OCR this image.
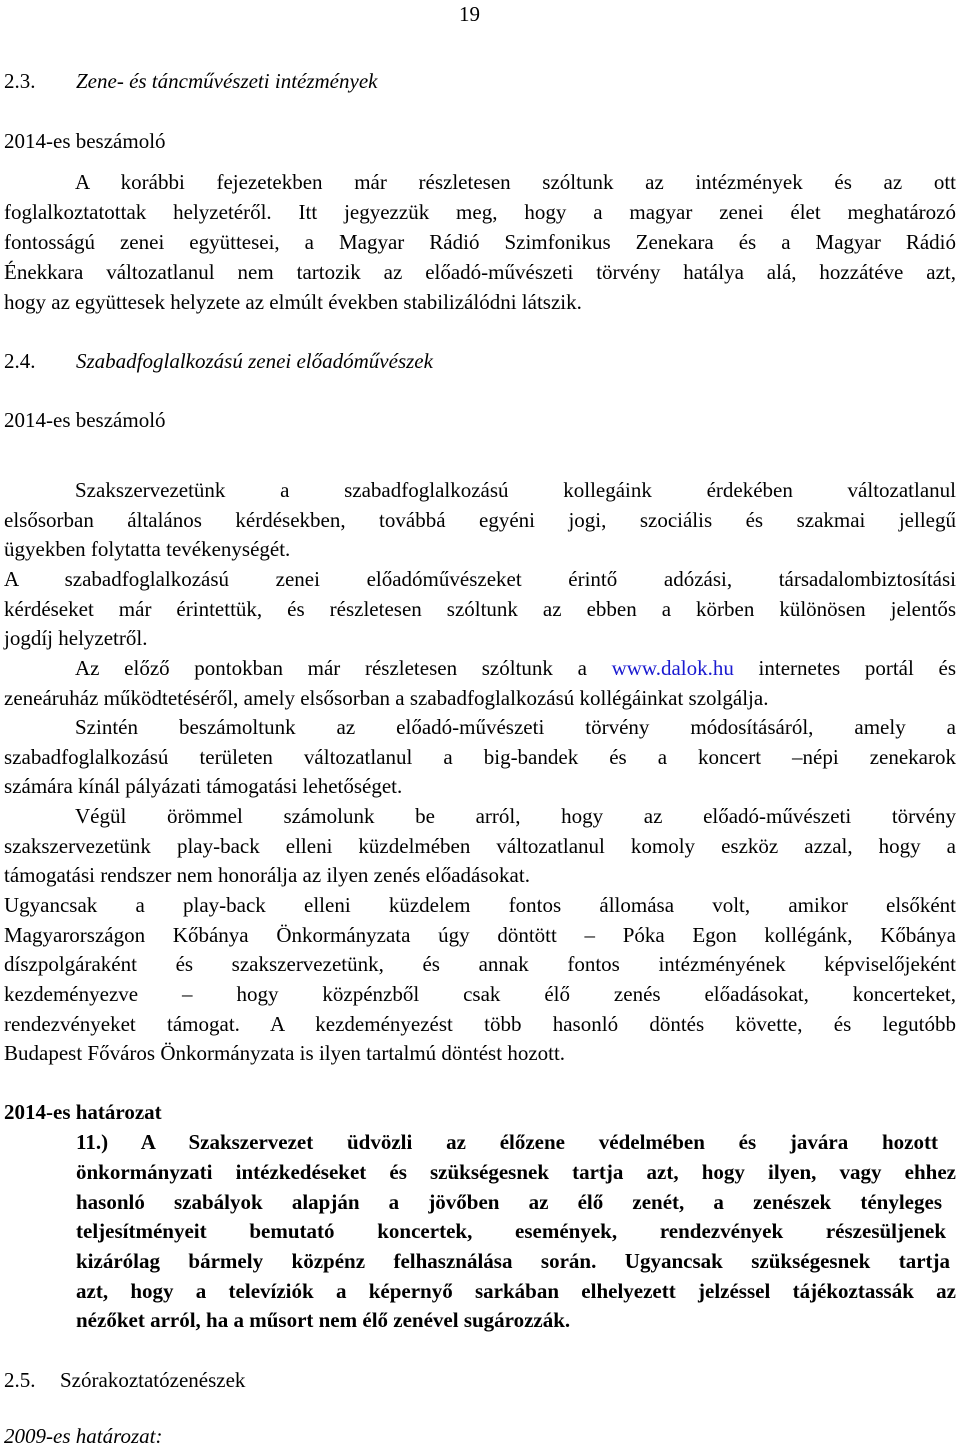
19
2.3. Zene- és táncművészeti intézmények
2014-es beszámoló
A korábbi fejezetekben már részletesen szóltunk az intézmények és az ott
foglalkoztatottak helyzetéről. Itt jegyezzük meg, hogy a magyar zenei élet meghatározó
fontosságú zenei együttesei, a Magyar Rádió Szimfonikus Zenekara és a Magyar Rádió
Énekkara változatlanul nem tartozik az előadó-művészeti törvény hatálya alá, hozzátéve azt,
hogy az együttesek helyzete az elmúlt években stabilizálódni látszik.
2.4. Szabadfoglalkozású zenei előadóművészek
2014-es beszámoló
Szakszervezetünk a szabadfoglalkozású kollegáink érdekében változatlanul
elsősorban általános kérdésekben, továbbá egyéni jogi, szociális és szakmai jellegű
ügyekben folytatta tevékenységét.
A szabadfoglalkozású zenei előadóművészeket érintő adózási, társadalombiztosítási
kérdéseket már érintettük, és részletesen szóltunk az ebben a körben különösen jelentős
jogdíj helyzetről.
Az előző pontokban már részletesen szóltunk a www.dalok.hu internetes portál és
zeneáruház működtetéséről, amely elsősorban a szabadfoglalkozású kollégáinkat szolgálja.
Szintén beszámoltunk az előadó-művészeti törvény módosításáról, amely a
szabadfoglalkozású területen változatlanul a big-bandek és a koncert –népi zenekarok
számára kínál pályázati támogatási lehetőséget.
Végül örömmel számolunk be arról, hogy az előadó-művészeti törvény
szakszervezetünk play-back elleni küzdelmében változatlanul komoly eszköz azzal, hogy a
támogatási rendszer nem honorálja az ilyen zenés előadásokat.
Ugyancsak a play-back elleni küzdelem fontos állomása volt, amikor elsőként
Magyarországon Kőbánya Önkormányzata úgy döntött – Póka Egon kollégánk, Kőbánya
díszpolgáraként és szakszervezetünk, és annak fontos intézményének képviselőjeként
kezdeményezve – hogy közpénzből csak élő zenés előadásokat, koncerteket,
rendezvényeket támogat. A kezdeményezést több hasonló döntés követte, és legutóbb
Budapest Főváros Önkormányzata is ilyen tartalmú döntést hozott.
2014-es határozat
11.) A Szakszervezet üdvözli az élőzene védelmében és javára hozott
önkormányzati intézkedéseket és szükségesnek tartja azt, hogy ilyen, vagy ehhez
hasonló szabályok alapján a jövőben az élő zenét, a zenészek tényleges
teljesítményeit bemutató koncertek, események, rendezvények részesüljenek
kizárólag bármely közpénz felhasználása során. Ugyancsak szükségesnek tartja
azt, hogy a televíziók a képernyő sarkában elhelyezett jelzéssel tájékoztassák az
nézőket arról, ha a műsort nem élő zenével sugározzák.
2.5. Szórakoztatózenészek
2009-es határozat:
